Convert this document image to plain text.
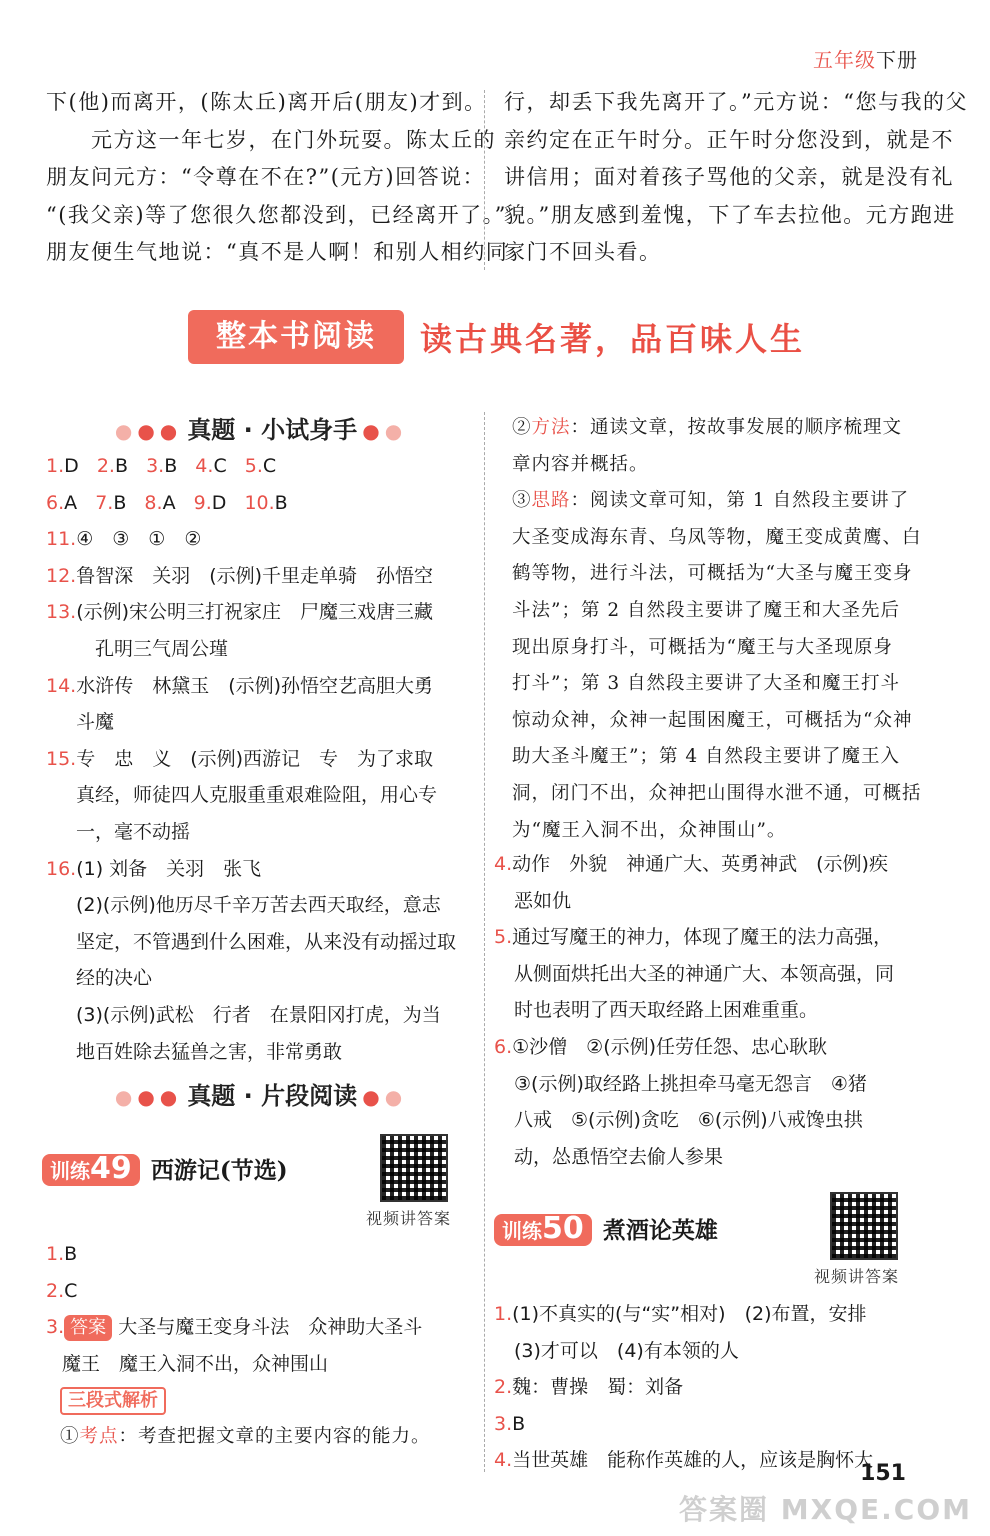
五年级下册

下(他)而离开，(陈太丘)离开后(朋友)才到。

　　元方这一年七岁，在门外玩耍。陈太丘的

朋友问元方：“令尊在不在?”(元方)回答说：

“(我父亲)等了您很久您都没到，已经离开了。”

朋友便生气地说：“真不是人啊！和别人相约同

行，却丢下我先离开了。”元方说：“您与我的父

亲约定在正午时分。正午时分您没到，就是不

讲信用；面对着孩子骂他的父亲，就是没有礼

貌。”朋友感到羞愧，下了车去拉他。元方跑进

家门不回头看。

整本书阅读	读古典名著，品百味人生
●●● 真题 · 小试身手 ●●
1.D 2.B 3.B 4.C 5.C
6.A 7.B 8.A 9.D 10.B
11.④　③　①　②
12.鲁智深　关羽　(示例)千里走单骑　孙悟空
13.(示例)宋公明三打祝家庄　尸魔三戏唐三藏
　孔明三气周公瑾
14.水浒传　林黛玉　(示例)孙悟空艺高胆大勇
斗魔
15.专　忠　义　(示例)西游记　专　为了求取
真经，师徒四人克服重重艰难险阻，用心专
一，毫不动摇
16.(1) 刘备　关羽　张飞
(2)(示例)他历尽千辛万苦去西天取经，意志
坚定，不管遇到什么困难，从来没有动摇过取
经的决心
(3)(示例)武松　行者　在景阳冈打虎，为当
地百姓除去猛兽之害，非常勇敢
●●● 真题 · 片段阅读 ●●
训练49 西游记(节选)
视频讲答案
1.B
2.C
3. 答案 大圣与魔王变身斗法　众神助大圣斗
魔王　魔王入洞不出，众神围山
三段式解析
①考点：考查把握文章的主要内容的能力。
②方法：通读文章，按故事发展的顺序梳理文
章内容并概括。
③思路：阅读文章可知，第 1 自然段主要讲了
大圣变成海东青、乌凤等物，魔王变成黄鹰、白
鹤等物，进行斗法，可概括为“大圣与魔王变身
斗法”；第 2 自然段主要讲了魔王和大圣先后
现出原身打斗，可概括为“魔王与大圣现原身
打斗”；第 3 自然段主要讲了大圣和魔王打斗
惊动众神，众神一起围困魔王，可概括为“众神
助大圣斗魔王”；第 4 自然段主要讲了魔王入
洞，闭门不出，众神把山围得水泄不通，可概括
为“魔王入洞不出，众神围山”。
4.动作　外貌　神通广大、英勇神武　(示例)疾
恶如仇
5.通过写魔王的神力，体现了魔王的法力高强，
从侧面烘托出大圣的神通广大、本领高强，同
时也表明了西天取经路上困难重重。
6.①沙僧　②(示例)任劳任怨、忠心耿耿
③(示例)取经路上挑担牵马毫无怨言　④猪
八戒　⑤(示例)贪吃　⑥(示例)八戒馋虫拱
动，怂恿悟空去偷人参果
训练50 煮酒论英雄
视频讲答案
1.(1)不真实的(与“实”相对)　(2)布置，安排
(3)才可以　(4)有本领的人
2.魏：曹操　蜀：刘备
3.B
4.当世英雄　能称作英雄的人，应该是胸怀大
151
答案圈 MXQE.COM
